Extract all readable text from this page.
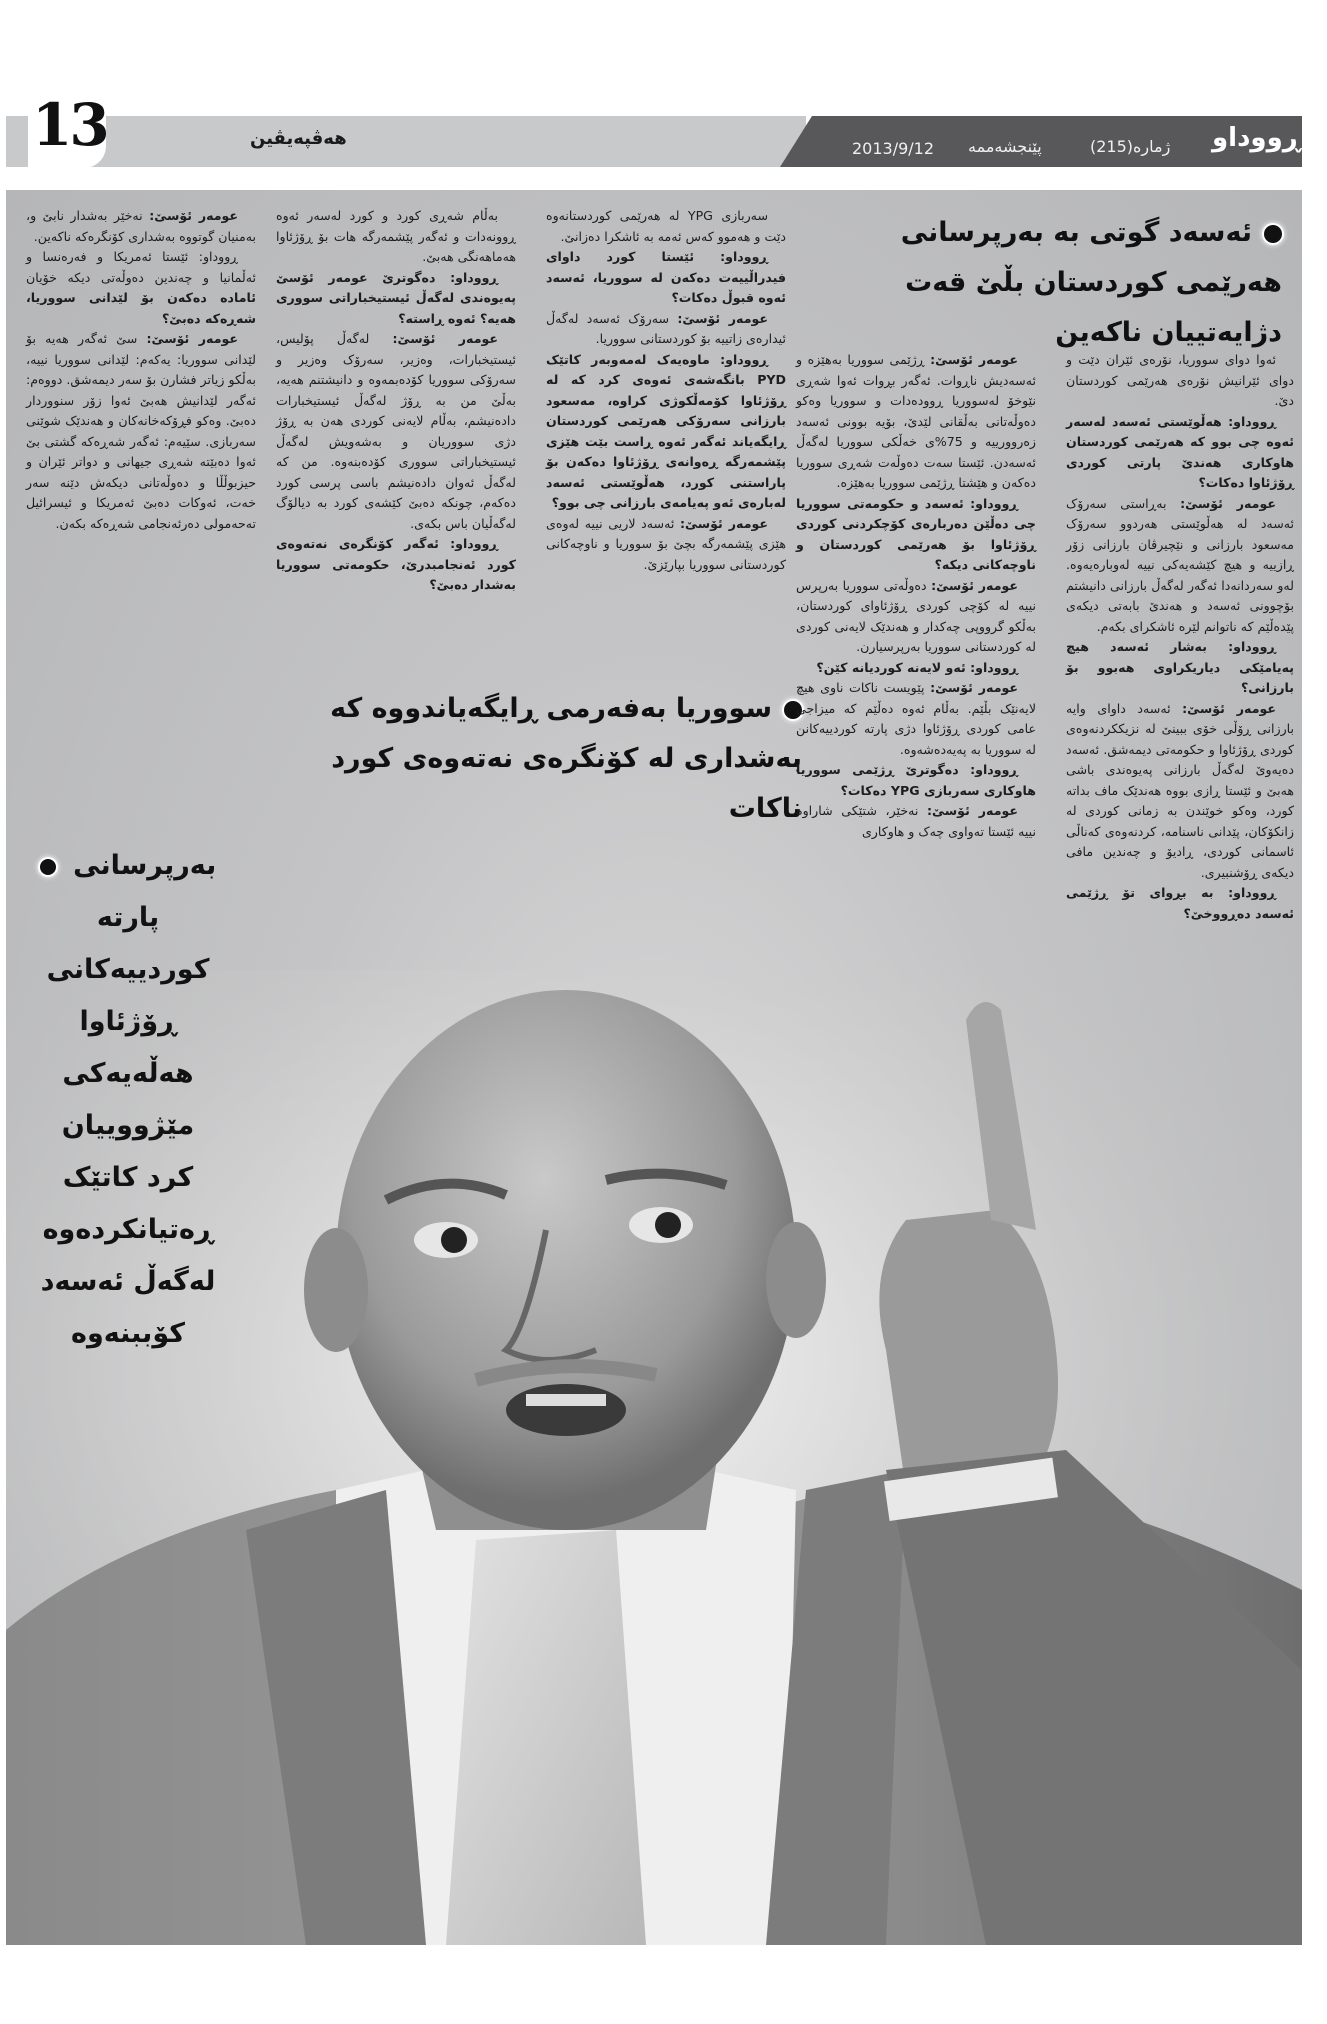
13	هەڤپەیڤین	2013/9/12 پێنجشەممە	ژمارە(215) ڕووداو
ئەسەد گوتی بە بەرپرسانی هەرێمی کوردستان بڵێ قەت دژایەتییان ناکەین
سووریا بەفەرمی ڕایگەیاندووە کە بەشداری لە کۆنگرەی نەتەوەی کورد ناکات

ئەوا دوای سووریا، نۆرەی ئێران دێت و دوای ئێرانیش نۆرەی هەرێمی کوردستان دێ.

ڕووداو: هەڵوێستی ئەسەد لەسەر ئەوە چی بوو کە هەرێمی کوردستان هاوکاری هەندێ پارتی کوردی ڕۆژئاوا دەکات؟

عومەر ئۆسێ: بەڕاستی سەرۆک ئەسەد لە هەڵوێستی هەردوو سەرۆک مەسعود بارزانی و نێچیرڤان بارزانی زۆر ڕازییە و هیچ کێشەیەکی نییە لەوبارەیەوە. لەو سەردانەدا ئەگەر لەگەڵ بارزانی دانیشتم بۆچوونی ئەسەد و هەندێ بابەتی دیکەی پێدەڵێم کە ناتوانم لێرە ئاشکرای بکەم.

ڕووداو: بەشار ئەسەد هیچ پەیامێکی دیاریکراوی هەبوو بۆ بارزانی؟

عومەر ئۆسێ: ئەسەد داوای وایە بارزانی ڕۆڵی خۆی ببینێ لە نزیککردنەوەی کوردی ڕۆژئاوا و حکومەتی دیمەشق. ئەسەد دەیەوێ لەگەڵ بارزانی پەیوەندی باشی هەبێ و ئێستا ڕازی بووە هەندێک ماف بداتە کورد، وەکو خوێندن بە زمانی کوردی لە زانکۆکان، پێدانی ناسنامە، کردنەوەی کەناڵی ئاسمانی کوردی، ڕادیۆ و چەندین مافی دیکەی ڕۆشنبیری.

ڕووداو: بە بڕوای تۆ ڕژێمی ئەسەد دەڕووخێ؟

عومەر ئۆسێ: ڕژێمی سووریا بەهێزە و ئەسەدیش ناڕوات. ئەگەر بڕوات ئەوا شەڕی نێوخۆ لەسووریا ڕوودەدات و سووریا وەکو دەوڵەتانی بەڵقانی لێدێ، بۆیە بوونی ئەسەد زەرووریيە و 75%ی خەڵکی سووریا لەگەڵ ئەسەدن. ئێستا سەت دەوڵەت شەڕی سووریا دەکەن و هێشتا ڕژێمی سووریا بەهێزە.

ڕووداو: ئەسەد و حکومەتی سووریا چی دەڵێن دەربارەی کۆچکردنی کوردی ڕۆژئاوا بۆ هەرێمی کوردستان و ناوچەکانی دیکە؟

عومەر ئۆسێ: دەوڵەتی سووریا بەرپرس نییە لە کۆچی کوردی ڕۆژئاوای کوردستان، بەڵکو گرووپی چەکدار و هەندێک لایەنی کوردی لە کوردستانی سووریا بەرپرسیارن.

ڕووداو: ئەو لایەنە کوردیانە کێن؟

عومەر ئۆسێ: پێویست ناکات ناوی هیچ لایەنێک بڵێم. بەڵام ئەوە دەڵێم کە میزاجی عامی کوردی ڕۆژئاوا دژی پارتە کوردییەکانن لە سووریا بە پەیەدەشەوە.

ڕووداو: دەگوترێ ڕژێمی سووریا هاوکاری سەربازی YPG دەکات؟

عومەر ئۆسێ: نەخێر، شتێکی شاراوە نییە ئێستا تەواوی چەک و هاوکاری

سەربازی YPG لە هەرێمی کوردستانەوە دێت و هەموو کەس ئەمە بە ئاشکرا دەزانێ.

ڕووداو: ئێستا کورد داوای فیدراڵییەت دەکەن لە سووریا، ئەسەد ئەوە قبوڵ دەکات؟

عومەر ئۆسێ: سەرۆک ئەسەد لەگەڵ ئیدارەی زاتییە بۆ کوردستانی سووریا.

ڕووداو: ماوەیەک لەمەوبەر کاتێک PYD بانگەشەی ئەوەی کرد کە لە ڕۆژئاوا کۆمەڵکوژی کراوە، مەسعود بارزانی سەرۆکی هەرێمی کوردستان ڕایگەیاند ئەگەر ئەوە ڕاست بێت هێزی پێشمەرگە ڕەوانەی ڕۆژئاوا دەکەن بۆ پاراستنی کورد، هەڵوێستی ئەسەد لەبارەی ئەو پەیامەی بارزانی چی بوو؟

عومەر ئۆسێ: ئەسەد لاریی نییە لەوەی هێزی پێشمەرگە بچێ بۆ سووریا و ناوچەکانی کوردستانی سووریا بپارێزێ.

بەڵام شەڕی کورد و کورد لەسەر ئەوە ڕوونەدات و ئەگەر پێشمەرگە هات بۆ ڕۆژئاوا هەماهەنگی هەبێ.

ڕووداو: دەگوترێ عومەر ئۆسێ پەیوەندی لەگەڵ ئیستیخباراتی سووری هەیە؟ ئەوە ڕاستە؟

عومەر ئۆسێ: لەگەڵ پۆلیس، ئیستیخبارات، وەزیر، سەرۆک وەزیر و سەرۆکی سووریا کۆدەبمەوە و دانیشتنم هەیە، بەڵێ من بە ڕۆژ لەگەڵ ئیستیخبارات دادەنیشم، بەڵام لایەنی کوردی هەن بە ڕۆژ دژی سووریان و بەشەویش لەگەڵ ئیستیخباراتی سووری کۆدەبنەوە. من کە لەگەڵ ئەوان دادەنیشم باسی پرسی کورد دەکەم، چونکە دەبێ کێشەی کورد بە دیالۆگ لەگەڵیان باس بکەی.

ڕووداو: ئەگەر کۆنگرەی نەتەوەی کورد ئەنجامبدرێ، حکومەتی سووریا بەشدار دەبێ؟

عومەر ئۆسێ: نەخێر بەشدار نابێ و، بەمنیان گوتووە بەشداری کۆنگرەکە ناکەین.

ڕووداو: ئێستا ئەمریکا و فەرەنسا و ئەڵمانیا و چەندین دەوڵەتی دیکە خۆیان ئامادە دەکەن بۆ لێدانی سووریا، شەڕەکە دەبێ؟

عومەر ئۆسێ: سێ ئەگەر هەیە بۆ لێدانی سووریا: یەکەم: لێدانی سووریا نییە، بەڵکو زیاتر فشارن بۆ سەر دیمەشق. دووەم: ئەگەر لێدانیش هەبێ ئەوا زۆر سنووردار دەبێ. وەکو فڕۆکەخانەکان و هەندێک شوێنی سەربازی. سێیەم: ئەگەر شەڕەکە گشتی بێ ئەوا دەبێتە شەڕی جیهانی و دواتر ئێران و حیزبوڵڵا و دەوڵەتانی دیکەش دێنە سەر خەت، ئەوکات دەبێ ئەمریکا و ئیسرائیل تەحەمولی دەرئەنجامی شەڕەکە بکەن.

بەرپرسانی
پارتە
کوردییەکانی
ڕۆژئاوا
هەڵەیەکی
مێژووییان
کرد کاتێک
ڕەتیانکردەوە
لەگەڵ ئەسەد
کۆببنەوە
